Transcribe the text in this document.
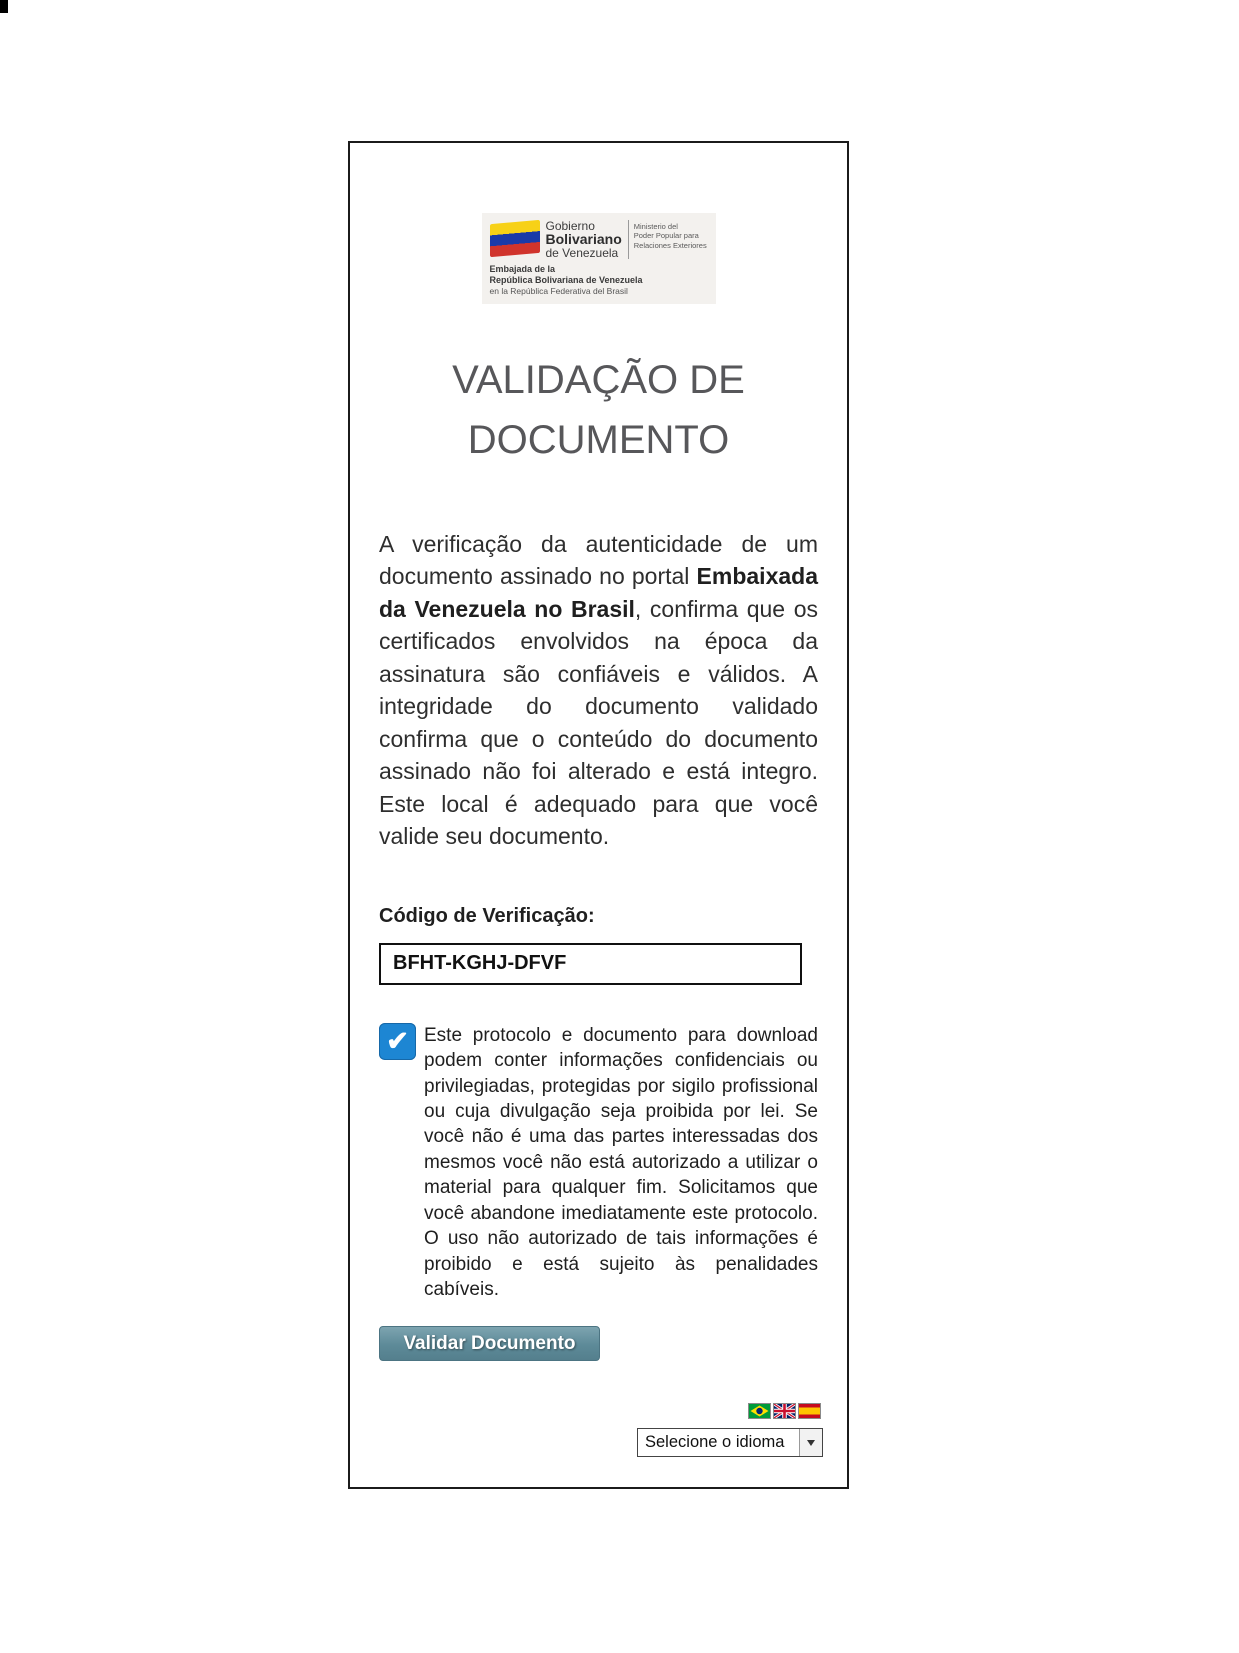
Gobierno
Bolivariano
de Venezuela
Ministerio del
Poder Popular para
Relaciones Exteriores
Embajada de la
República Bolivariana de Venezuela
en la República Federativa del Brasil
VALIDAÇÃO DE
DOCUMENTO

A verificação da autenticidade de um documento assinado no portal Embaixada da Venezuela no Brasil, confirma que os certificados envolvidos na época da assinatura são confiáveis e válidos. A integridade do documento validado confirma que o conteúdo do documento assinado não foi alterado e está integro. Este local é adequado para que você valide seu documento.

Código de Verificação:
BFHT-KGHJ-DFVF
✔ Este protocolo e documento para download podem conter informações confidenciais ou privilegiadas, protegidas por sigilo profissional ou cuja divulgação seja proibida por lei. Se você não é uma das partes interessadas dos mesmos você não está autorizado a utilizar o material para qualquer fim. Solicitamos que você abandone imediatamente este protocolo. O uso não autorizado de tais informações é proibido e está sujeito às penalidades cabíveis.
Validar Documento
Selecione o idioma
